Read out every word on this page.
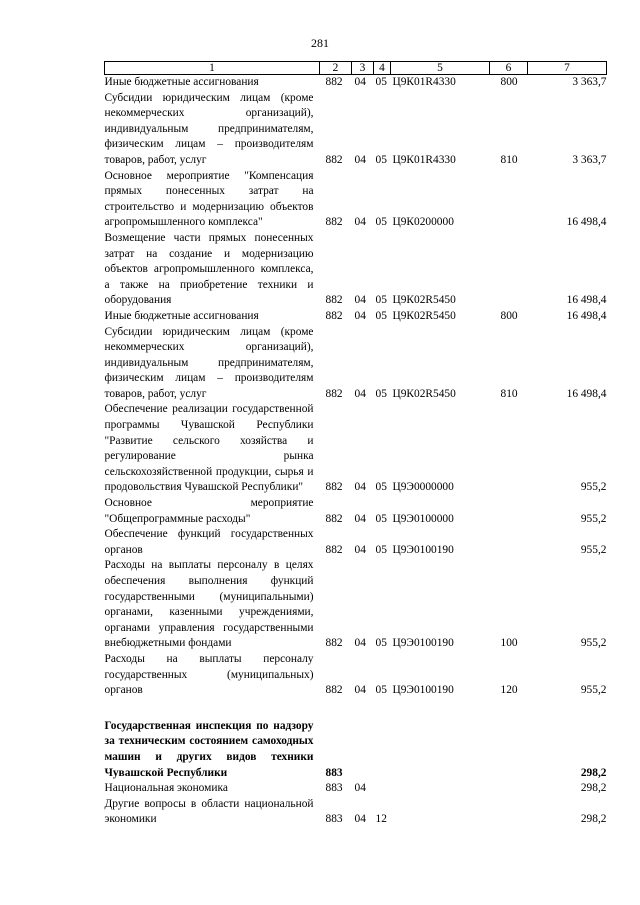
281
1	2	3	4	5	6	7
Иные бюджетные ассигнования	882	04	05	Ц9К01R4330	800	3 363,7
Субсидии юридическим лицам (кроме некоммерческих организаций), индивидуальным предпринимателям, физическим лицам – производителям товаров, работ, услуг	882	04	05	Ц9К01R4330	810	3 363,7
Основное мероприятие "Компенсация прямых понесенных затрат на строительство и модернизацию объектов агропромышленного комплекса"	882	04	05	Ц9К0200000		16 498,4
Возмещение части прямых понесенных затрат на создание и модернизацию объектов агропромышленного комплекса, а также на приобретение техники и оборудования	882	04	05	Ц9К02R5450		16 498,4
Иные бюджетные ассигнования	882	04	05	Ц9К02R5450	800	16 498,4
Субсидии юридическим лицам (кроме некоммерческих организаций), индивидуальным предпринимателям, физическим лицам – производителям товаров, работ, услуг	882	04	05	Ц9К02R5450	810	16 498,4
Обеспечение реализации государственной программы Чувашской Республики "Развитие сельского хозяйства и регулирование рынка сельскохозяйственной продукции, сырья и продовольствия Чувашской Республики"	882	04	05	Ц9Э0000000		955,2
Основное мероприятие "Общепрограммные расходы"	882	04	05	Ц9Э0100000		955,2
Обеспечение функций государственных органов	882	04	05	Ц9Э0100190		955,2
Расходы на выплаты персоналу в целях обеспечения выполнения функций государственными (муниципальными) органами, казенными учреждениями, органами управления государственными внебюджетными фондами	882	04	05	Ц9Э0100190	100	955,2
Расходы на выплаты персоналу государственных (муниципальных) органов	882	04	05	Ц9Э0100190	120	955,2

Государственная инспекция по надзору за техническим состоянием самоходных машин и других видов техники Чувашской Республики	883					298,2
Национальная экономика	883	04				298,2
Другие вопросы в области национальной экономики	883	04	12			298,2
